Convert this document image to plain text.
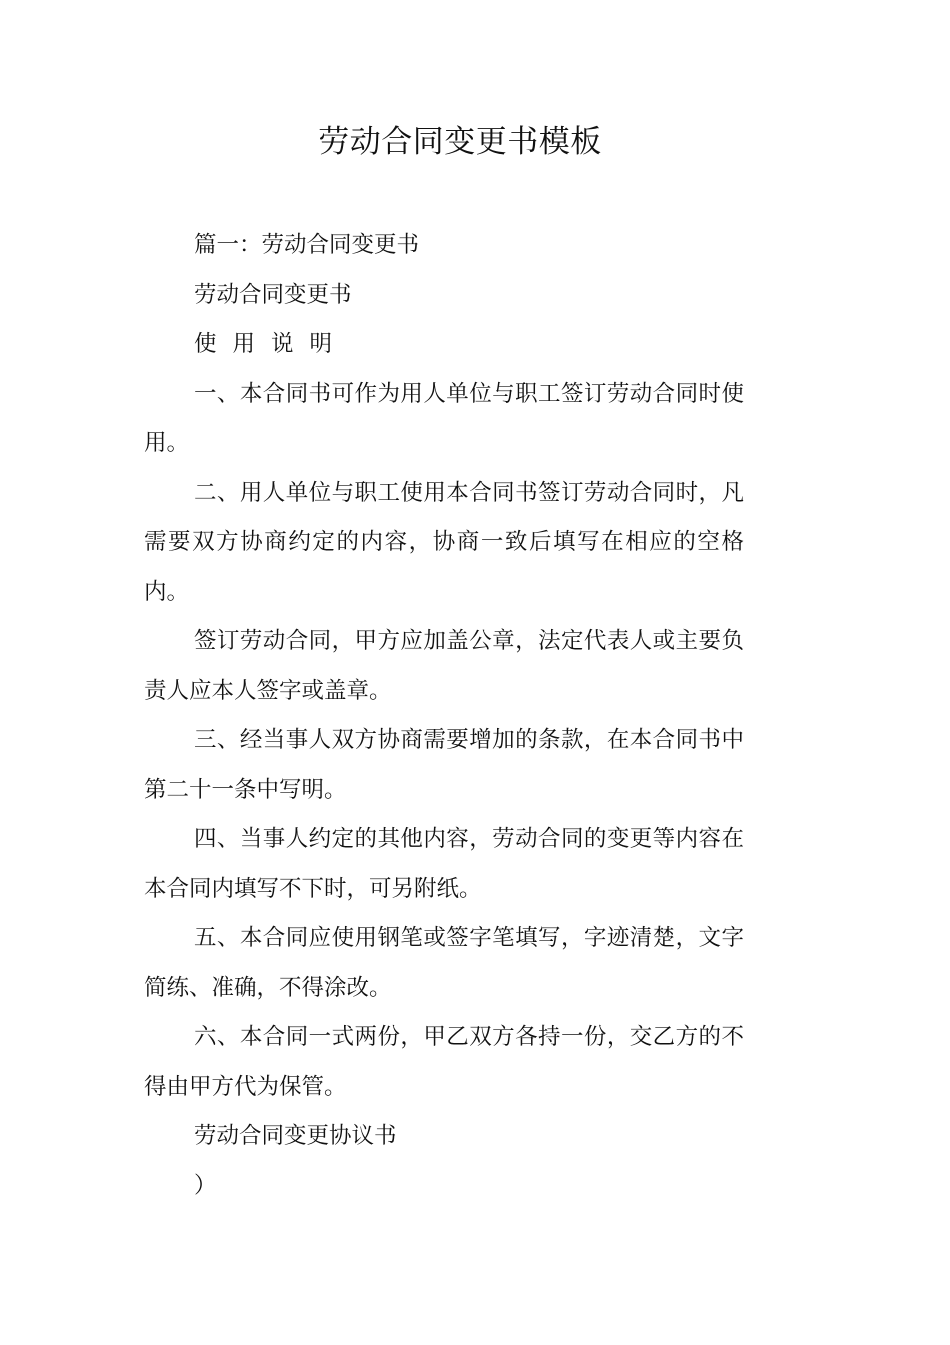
劳动合同变更书模板

篇一：劳动合同变更书

劳动合同变更书

使用说明

一、本合同书可作为用人单位与职工签订劳动合同时使用。

二、用人单位与职工使用本合同书签订劳动合同时，凡需要双方协商约定的内容，协商一致后填写在相应的空格内。

签订劳动合同，甲方应加盖公章，法定代表人或主要负责人应本人签字或盖章。

三、经当事人双方协商需要增加的条款，在本合同书中第二十一条中写明。

四、当事人约定的其他内容，劳动合同的变更等内容在本合同内填写不下时，可另附纸。

五、本合同应使用钢笔或签字笔填写，字迹清楚，文字简练、准确，不得涂改。

六、本合同一式两份，甲乙双方各持一份，交乙方的不得由甲方代为保管。

劳动合同变更协议书

）
